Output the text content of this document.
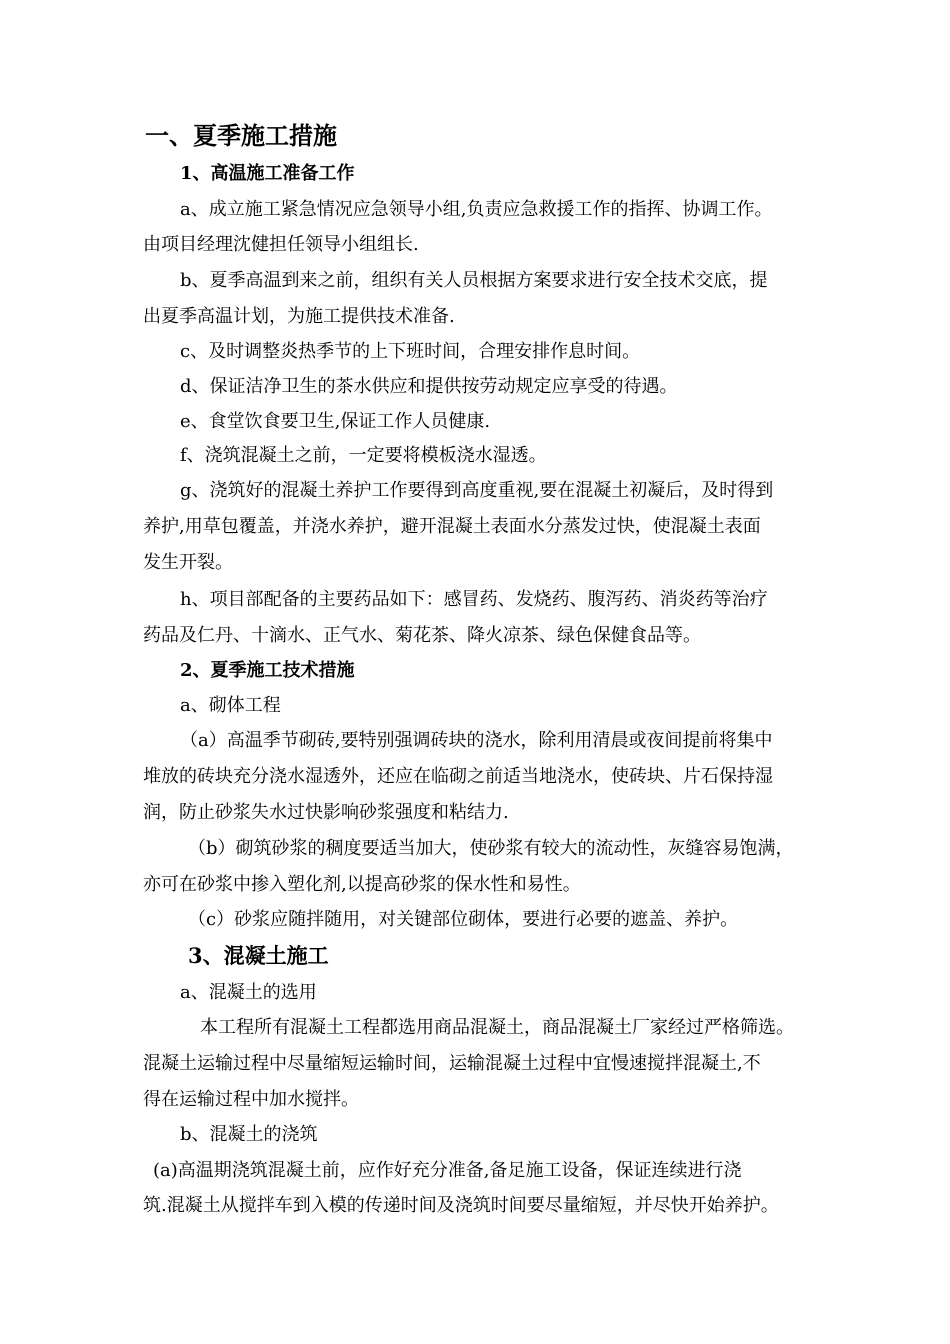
一、夏季施工措施
1、高温施工准备工作
a、成立施工紧急情况应急领导小组,负责应急救援工作的指挥、协调工作。
由项目经理沈健担任领导小组组长.
b、夏季高温到来之前，组织有关人员根据方案要求进行安全技术交底，提
出夏季高温计划，为施工提供技术准备.
c、及时调整炎热季节的上下班时间，合理安排作息时间。
d、保证洁净卫生的茶水供应和提供按劳动规定应享受的待遇。
e、食堂饮食要卫生,保证工作人员健康.
f、浇筑混凝土之前，一定要将模板浇水湿透。
g、浇筑好的混凝土养护工作要得到高度重视,要在混凝土初凝后，及时得到
养护,用草包覆盖，并浇水养护，避开混凝土表面水分蒸发过快，使混凝土表面
发生开裂。
h、项目部配备的主要药品如下：感冒药、发烧药、腹泻药、消炎药等治疗
药品及仁丹、十滴水、正气水、菊花茶、降火凉茶、绿色保健食品等。
2、夏季施工技术措施
a、砌体工程
（a）高温季节砌砖,要特别强调砖块的浇水，除利用清晨或夜间提前将集中
堆放的砖块充分浇水湿透外，还应在临砌之前适当地浇水，使砖块、片石保持湿
润，防止砂浆失水过快影响砂浆强度和粘结力.
（b）砌筑砂浆的稠度要适当加大，使砂浆有较大的流动性，灰缝容易饱满，
亦可在砂浆中掺入塑化剂,以提高砂浆的保水性和易性。
（c）砂浆应随拌随用，对关键部位砌体，要进行必要的遮盖、养护。
3、混凝土施工
a、混凝土的选用
本工程所有混凝土工程都选用商品混凝土，商品混凝土厂家经过严格筛选。
混凝土运输过程中尽量缩短运输时间，运输混凝土过程中宜慢速搅拌混凝土,不
得在运输过程中加水搅拌。
b、混凝土的浇筑
(a)高温期浇筑混凝土前，应作好充分准备,备足施工设备，保证连续进行浇
筑.混凝土从搅拌车到入模的传递时间及浇筑时间要尽量缩短，并尽快开始养护。
